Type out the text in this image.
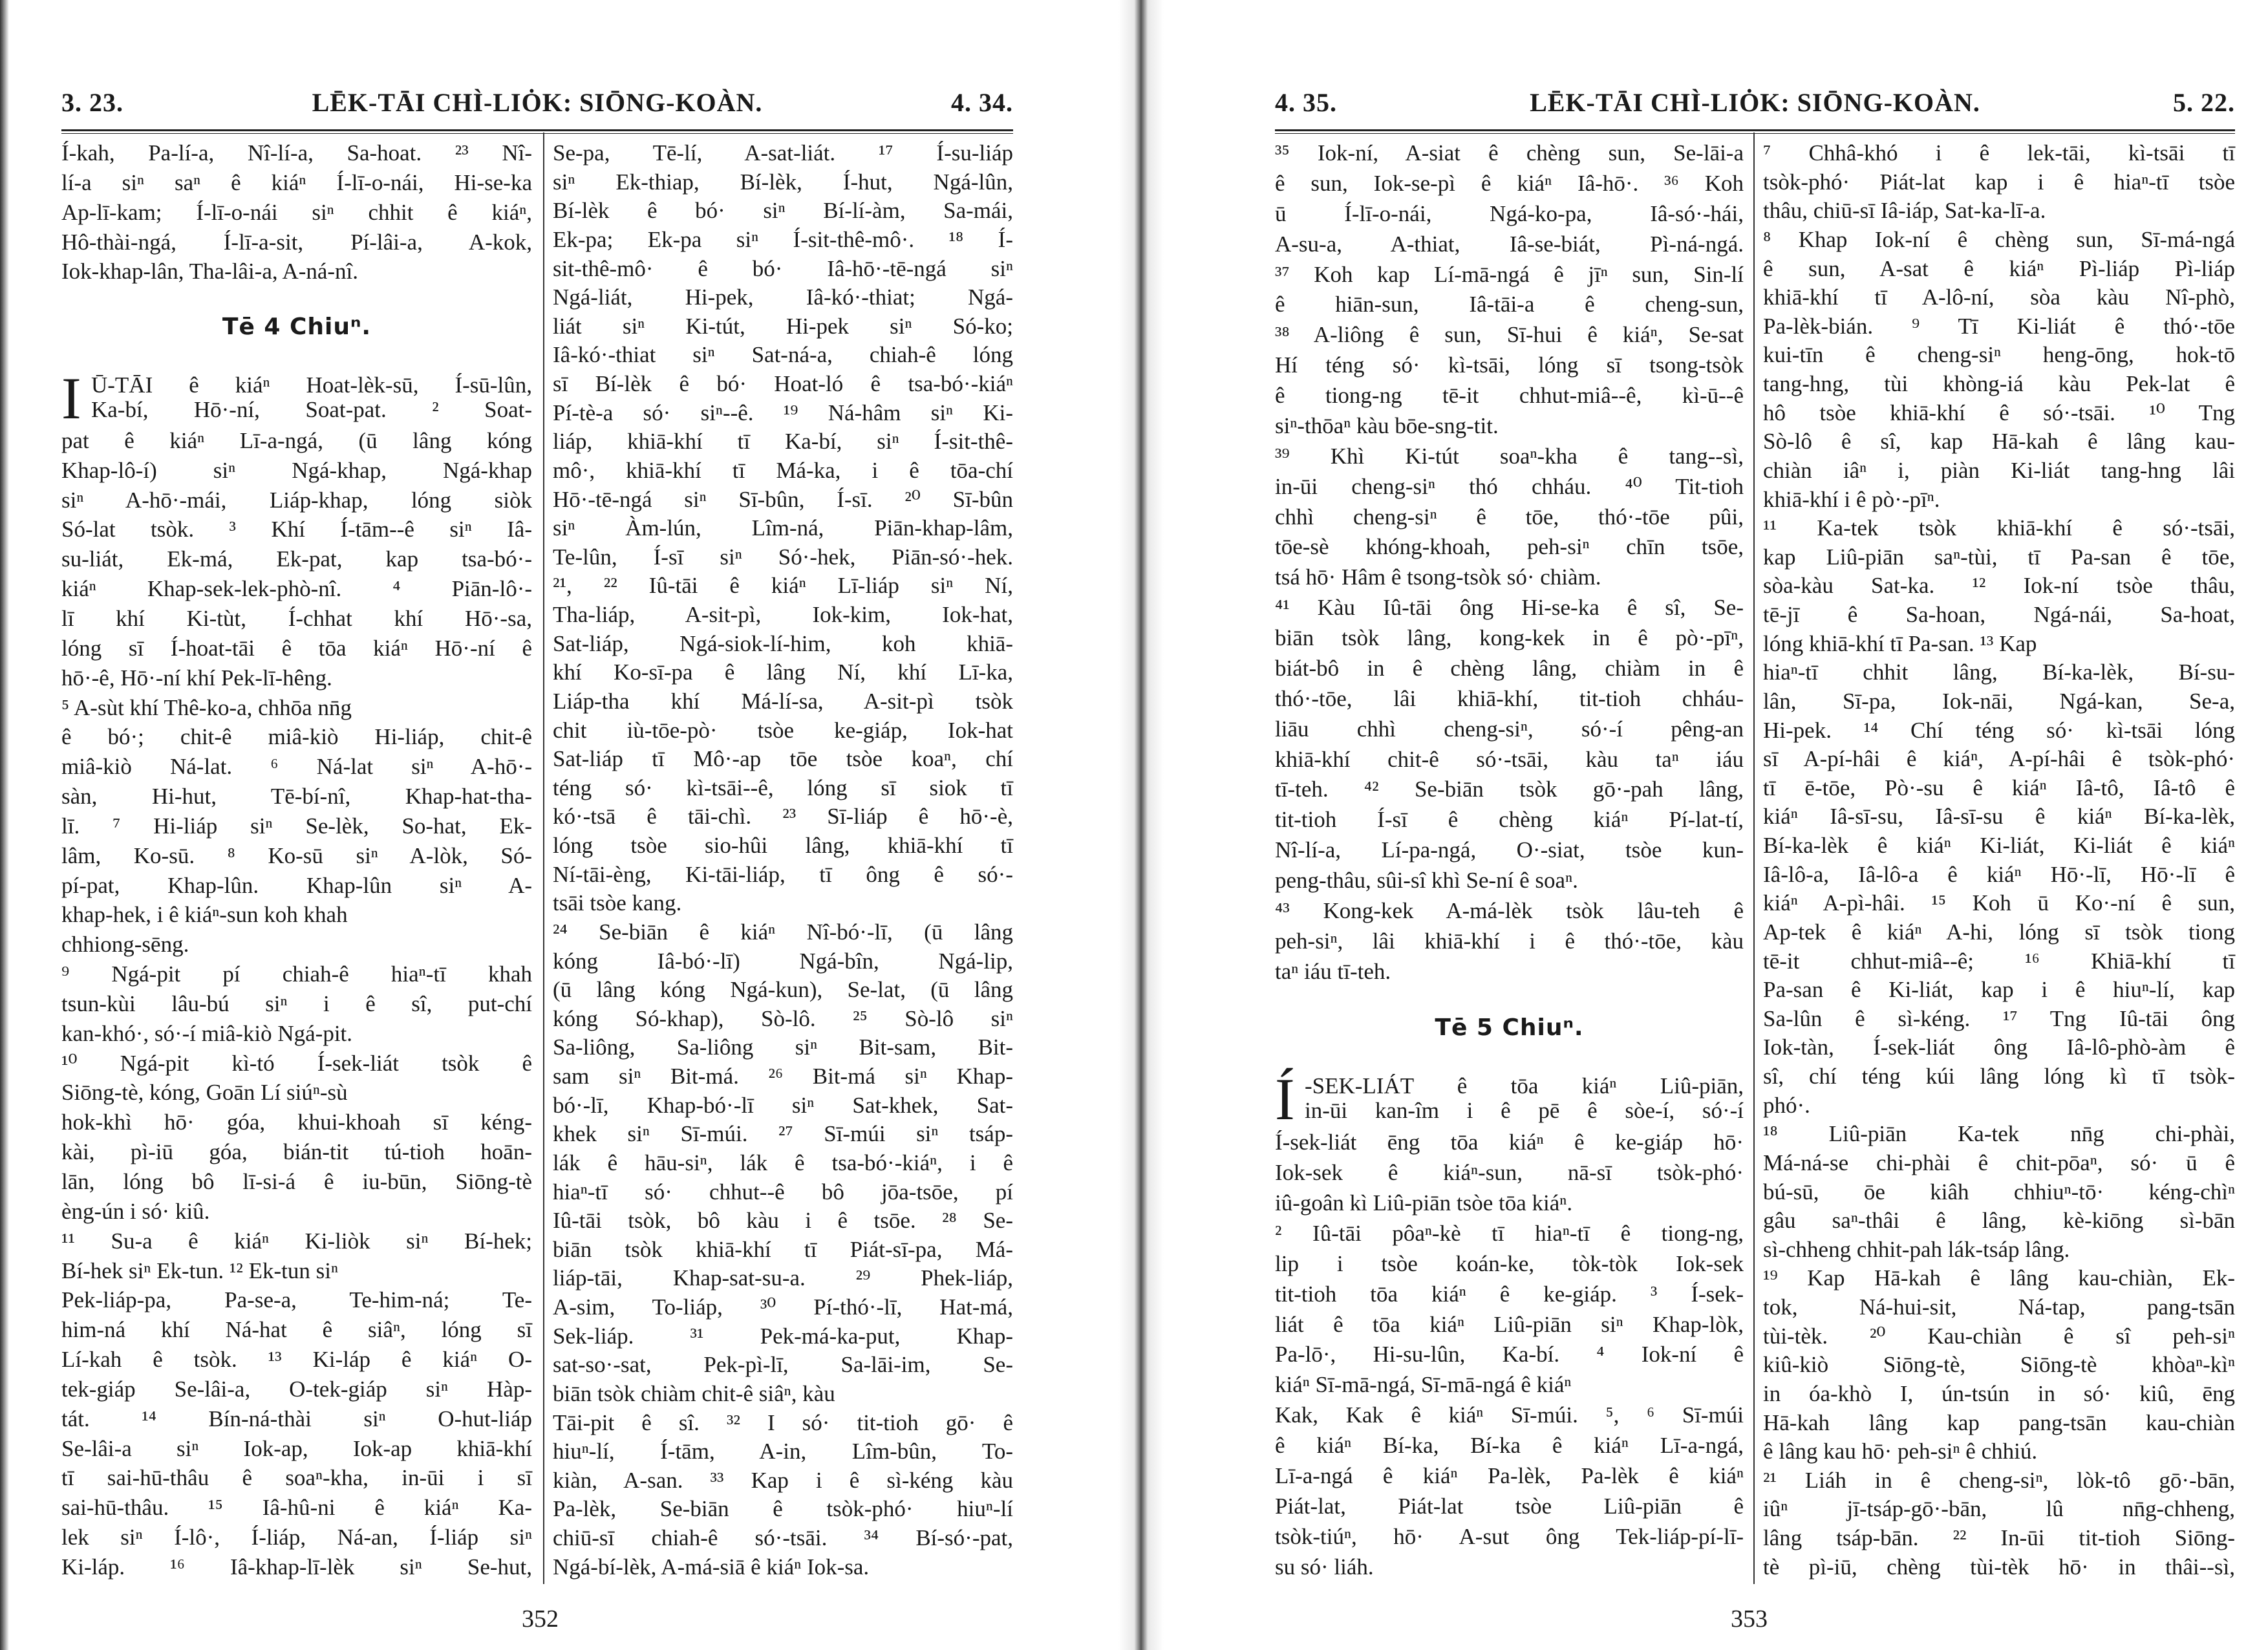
3. 23.	LĒK-TĀI CHÌ-LIȮK: SIŌNG-KOÀN.	4. 34.
Í-kah, Pa-lí-a, Nî-lí-a, Sa-hoat. ²³ Nî-
lí-a siⁿ saⁿ ê kiáⁿ Í-lī-o-nái, Hi-se-ka
Ap-lī-kam; Í-lī-o-nái siⁿ chhit ê kiáⁿ,
Hô-thài-ngá, Í-lī-a-sit, Pí-lâi-a, A-kok,
Iok-khap-lân, Tha-lâi-a, A-ná-nî.
Tē 4 Chiuⁿ.
I Ū-TĀI ê kiáⁿ Hoat-lèk-sū, Í-sū-lûn,
Ka-bí, Hō·-ní, Soat-pat. ² Soat-
pat ê kiáⁿ Lī-a-ngá, (ū lâng kóng
Khap-lô-í) siⁿ Ngá-khap, Ngá-khap
siⁿ A-hō·-mái, Liáp-khap, lóng siòk
Só-lat tsòk. ³ Khí Í-tām--ê siⁿ Iâ-
su-liát, Ek-má, Ek-pat, kap tsa-bó·-
kiáⁿ Khap-sek-lek-phò-nî. ⁴ Piān-lô·-
lī khí Ki-tùt, Í-chhat khí Hō·-sa,
lóng sī Í-hoat-tāi ê tōa kiáⁿ Hō·-ní ê
hō·-ê, Hō·-ní khí Pek-lī-hêng.
⁵ A-sùt khí Thê-ko-a, chhōa nn̄g
ê bó·; chit-ê miâ-kiò Hi-liáp, chit-ê
miâ-kiò Ná-lat. ⁶ Ná-lat siⁿ A-hō·-
sàn, Hi-hut, Tē-bí-nî, Khap-hat-tha-
lī. ⁷ Hi-liáp siⁿ Se-lèk, So-hat, Ek-
lâm, Ko-sū. ⁸ Ko-sū siⁿ A-lòk, Só-
pí-pat, Khap-lûn. Khap-lûn siⁿ A-
khap-hek, i ê kiáⁿ-sun koh khah
chhiong-sēng.
⁹ Ngá-pit pí chiah-ê hiaⁿ-tī khah
tsun-kùi lâu-bú siⁿ i ê sî, put-chí
kan-khó·, só·-í miâ-kiò Ngá-pit.
¹⁰ Ngá-pit kì-tó Í-sek-liát tsòk ê
Siōng-tè, kóng, Goān Lí siúⁿ-sù
hok-khì hō· góa, khui-khoah sī kéng-
kài, pì-iū góa, bián-tit tú-tioh hoān-
lān, lóng bô lī-si-á ê iu-būn, Siōng-tè
èng-ún i só· kiû.
¹¹ Su-a ê kiáⁿ Ki-liòk siⁿ Bí-hek;
Bí-hek siⁿ Ek-tun. ¹² Ek-tun siⁿ
Pek-liáp-pa, Pa-se-a, Te-him-ná; Te-
him-ná khí Ná-hat ê siâⁿ, lóng sī
Lí-kah ê tsòk. ¹³ Ki-láp ê kiáⁿ O-
tek-giáp Se-lâi-a, O-tek-giáp siⁿ Hàp-
tát. ¹⁴ Bín-ná-thài siⁿ O-hut-liáp
Se-lâi-a siⁿ Iok-ap, Iok-ap khiā-khí
tī sai-hū-thâu ê soaⁿ-kha, in-ūi i sī
sai-hū-thâu. ¹⁵ Iâ-hû-ni ê kiáⁿ Ka-
lek siⁿ Í-lô·, Í-liáp, Ná-an, Í-liáp siⁿ
Ki-láp. ¹⁶ Iâ-khap-lī-lèk siⁿ Se-hut,
Se-pa, Tē-lí, A-sat-liát. ¹⁷ Í-su-liáp
siⁿ Ek-thiap, Bí-lèk, Í-hut, Ngá-lûn,
Bí-lèk ê bó· siⁿ Bí-lí-àm, Sa-mái,
Ek-pa; Ek-pa siⁿ Í-sit-thê-mô·. ¹⁸ Í-
sit-thê-mô· ê bó· Iâ-hō·-tē-ngá siⁿ
Ngá-liát, Hi-pek, Iâ-kó·-thiat; Ngá-
liát siⁿ Ki-tút, Hi-pek siⁿ Só-ko;
Iâ-kó·-thiat siⁿ Sat-ná-a, chiah-ê lóng
sī Bí-lèk ê bó· Hoat-ló ê tsa-bó·-kiáⁿ
Pí-tè-a só· siⁿ--ê. ¹⁹ Ná-hâm siⁿ Ki-
liáp, khiā-khí tī Ka-bí, siⁿ Í-sit-thê-
mô·, khiā-khí tī Má-ka, i ê tōa-chí
Hō·-tē-ngá siⁿ Sī-bûn, Í-sī. ²⁰ Sī-bûn
siⁿ Àm-lún, Lîm-ná, Piān-khap-lâm,
Te-lûn, Í-sī siⁿ Só·-hek, Piān-só·-hek.
²¹, ²² Iû-tāi ê kiáⁿ Lī-liáp siⁿ Ní,
Tha-liáp, A-sit-pì, Iok-kim, Iok-hat,
Sat-liáp, Ngá-siok-lí-him, koh khiā-
khí Ko-sī-pa ê lâng Ní, khí Lī-ka,
Liáp-tha khí Má-lí-sa, A-sit-pì tsòk
chit iù-tōe-pò· tsòe ke-giáp, Iok-hat
Sat-liáp tī Mô·-ap tōe tsòe koaⁿ, chí
téng só· kì-tsāi--ê, lóng sī siok tī
kó·-tsā ê tāi-chì. ²³ Sī-liáp ê hō·-è,
lóng tsòe sio-hûi lâng, khiā-khí tī
Ní-tāi-èng, Ki-tāi-liáp, tī ông ê só·-
tsāi tsòe kang.
²⁴ Se-biān ê kiáⁿ Nî-bó·-lī, (ū lâng
kóng Iâ-bó·-lī) Ngá-bîn, Ngá-lip,
(ū lâng kóng Ngá-kun), Se-lat, (ū lâng
kóng Só-khap), Sò-lô. ²⁵ Sò-lô siⁿ
Sa-liông, Sa-liông siⁿ Bit-sam, Bit-
sam siⁿ Bit-má. ²⁶ Bit-má siⁿ Khap-
bó·-lī, Khap-bó·-lī siⁿ Sat-khek, Sat-
khek siⁿ Sī-múi. ²⁷ Sī-múi siⁿ tsáp-
lák ê hāu-siⁿ, lák ê tsa-bó·-kiáⁿ, i ê
hiaⁿ-tī só· chhut--ê bô jōa-tsōe, pí
Iû-tāi tsòk, bô kàu i ê tsōe. ²⁸ Se-
biān tsòk khiā-khí tī Piát-sī-pa, Má-
liáp-tāi, Khap-sat-su-a. ²⁹ Phek-liáp,
A-sim, To-liáp, ³⁰ Pí-thó·-lī, Hat-má,
Sek-liáp. ³¹ Pek-má-ka-put, Khap-
sat-so·-sat, Pek-pì-lī, Sa-lāi-im, Se-
biān tsòk chiàm chit-ê siâⁿ, kàu
Tāi-pit ê sî. ³² I só· tit-tioh gō· ê
hiuⁿ-lí, Í-tām, A-in, Lîm-bûn, To-
kiàn, A-san. ³³ Kap i ê sì-kéng kàu
Pa-lèk, Se-biān ê tsòk-phó· hiuⁿ-lí
chiū-sī chiah-ê só·-tsāi. ³⁴ Bí-só·-pat,
Ngá-bí-lèk, A-má-siā ê kiáⁿ Iok-sa.
352
4. 35.	LĒK-TĀI CHÌ-LIȮK: SIŌNG-KOÀN.	5. 22.
³⁵ Iok-ní, A-siat ê chèng sun, Se-lāi-a
ê sun, Iok-se-pì ê kiáⁿ Iâ-hō·. ³⁶ Koh
ū Í-lī-o-nái, Ngá-ko-pa, Iâ-só·-hái,
A-su-a, A-thiat, Iâ-se-biát, Pì-ná-ngá.
³⁷ Koh kap Lí-mā-ngá ê jīⁿ sun, Sin-lí
ê hiān-sun, Iâ-tāi-a ê cheng-sun,
³⁸ A-liông ê sun, Sī-hui ê kiáⁿ, Se-sat
Hí téng só· kì-tsāi, lóng sī tsong-tsòk
ê tiong-ng tē-it chhut-miâ--ê, kì-ū--ê
siⁿ-thōaⁿ kàu bōe-sng-tit.
³⁹ Khì Ki-tút soaⁿ-kha ê tang--sì,
in-ūi cheng-siⁿ thó chháu. ⁴⁰ Tit-tioh
chhì cheng-siⁿ ê tōe, thó·-tōe pûi,
tōe-sè khóng-khoah, peh-siⁿ chīn tsōe,
tsá hō· Hâm ê tsong-tsòk só· chiàm.
⁴¹ Kàu Iû-tāi ông Hi-se-ka ê sî, Se-
biān tsòk lâng, kong-kek in ê pò·-pīⁿ,
biát-bô in ê chèng lâng, chiàm in ê
thó·-tōe, lâi khiā-khí, tit-tioh chháu-
liāu chhì cheng-siⁿ, só·-í pêng-an
khiā-khí chit-ê só·-tsāi, kàu taⁿ iáu
tī-teh. ⁴² Se-biān tsòk gō·-pah lâng,
tit-tioh Í-sī ê chèng kiáⁿ Pí-lat-tí,
Nî-lí-a, Lí-pa-ngá, O·-siat, tsòe kun-
peng-thâu, sûi-sî khì Se-ní ê soaⁿ.
⁴³ Kong-kek A-má-lèk tsòk lâu-teh ê
peh-siⁿ, lâi khiā-khí i ê thó·-tōe, kàu
taⁿ iáu tī-teh.
Tē 5 Chiuⁿ.
Í -SEK-LIÁT ê tōa kiáⁿ Liû-piān,
in-ūi kan-îm i ê pē ê sòe-í, só·-í
Í-sek-liát ēng tōa kiáⁿ ê ke-giáp hō·
Iok-sek ê kiáⁿ-sun, nā-sī tsòk-phó·
iû-goân kì Liû-piān tsòe tōa kiáⁿ.
² Iû-tāi pôaⁿ-kè tī hiaⁿ-tī ê tiong-ng,
lip i tsòe koán-ke, tòk-tòk Iok-sek
tit-tioh tōa kiáⁿ ê ke-giáp. ³ Í-sek-
liát ê tōa kiáⁿ Liû-piān siⁿ Khap-lòk,
Pa-lō·, Hi-su-lûn, Ka-bí. ⁴ Iok-ní ê
kiáⁿ Sī-mā-ngá, Sī-mā-ngá ê kiáⁿ
Kak, Kak ê kiáⁿ Sī-múi. ⁵, ⁶ Sī-múi
ê kiáⁿ Bí-ka, Bí-ka ê kiáⁿ Lī-a-ngá,
Lī-a-ngá ê kiáⁿ Pa-lèk, Pa-lèk ê kiáⁿ
Piát-lat, Piát-lat tsòe Liû-piān ê
tsòk-tiúⁿ, hō· A-sut ông Tek-liáp-pí-lī-
su só· liáh.
⁷ Chhâ-khó i ê lek-tāi, kì-tsāi tī
tsòk-phó· Piát-lat kap i ê hiaⁿ-tī tsòe
thâu, chiū-sī Iâ-iáp, Sat-ka-lī-a.
⁸ Khap Iok-ní ê chèng sun, Sī-má-ngá
ê sun, A-sat ê kiáⁿ Pì-liáp Pì-liáp
khiā-khí tī A-lô-ní, sòa kàu Nî-phò,
Pa-lèk-bián. ⁹ Tī Ki-liát ê thó·-tōe
kui-tīn ê cheng-siⁿ heng-ōng, hok-tō
tang-hng, tùi khòng-iá kàu Pek-lat ê
hô tsòe khiā-khí ê só·-tsāi. ¹⁰ Tng
Sò-lô ê sî, kap Hā-kah ê lâng kau-
chiàn iâⁿ i, piàn Ki-liát tang-hng lâi
khiā-khí i ê pò·-pīⁿ.
¹¹ Ka-tek tsòk khiā-khí ê só·-tsāi,
kap Liû-piān saⁿ-tùi, tī Pa-san ê tōe,
sòa-kàu Sat-ka. ¹² Iok-ní tsòe thâu,
tē-jī ê Sa-hoan, Ngá-nái, Sa-hoat,
lóng khiā-khí tī Pa-san. ¹³ Kap
hiaⁿ-tī chhit lâng, Bí-ka-lèk, Bí-su-
lân, Sī-pa, Iok-nāi, Ngá-kan, Se-a,
Hi-pek. ¹⁴ Chí téng só· kì-tsāi lóng
sī A-pí-hâi ê kiáⁿ, A-pí-hâi ê tsòk-phó·
tī ē-tōe, Pò·-su ê kiáⁿ Iâ-tô, Iâ-tô ê
kiáⁿ Iâ-sī-su, Iâ-sī-su ê kiáⁿ Bí-ka-lèk,
Bí-ka-lèk ê kiáⁿ Ki-liát, Ki-liát ê kiáⁿ
Iâ-lô-a, Iâ-lô-a ê kiáⁿ Hō·-lī, Hō·-lī ê
kiáⁿ A-pì-hâi. ¹⁵ Koh ū Ko·-ní ê sun,
Ap-tek ê kiáⁿ A-hi, lóng sī tsòk tiong
tē-it chhut-miâ--ê; ¹⁶ Khiā-khí tī
Pa-san ê Ki-liát, kap i ê hiuⁿ-lí, kap
Sa-lûn ê sì-kéng. ¹⁷ Tng Iû-tāi ông
Iok-tàn, Í-sek-liát ông Iâ-lô-phò-àm ê
sî, chí téng kúi lâng lóng kì tī tsòk-
phó·.
¹⁸ Liû-piān Ka-tek nn̄g chi-phài,
Má-ná-se chi-phài ê chit-pōaⁿ, só· ū ê
bú-sū, ōe kiâh chhiuⁿ-tō· kéng-chìⁿ
gâu saⁿ-thâi ê lâng, kè-kiōng sì-bān
sì-chheng chhit-pah lák-tsáp lâng.
¹⁹ Kap Hā-kah ê lâng kau-chiàn, Ek-
tok, Ná-hui-sit, Ná-tap, pang-tsān
tùi-tèk. ²⁰ Kau-chiàn ê sî peh-siⁿ
kiû-kiò Siōng-tè, Siōng-tè khòaⁿ-kìⁿ
in óa-khò I, ún-tsún in só· kiû, ēng
Hā-kah lâng kap pang-tsān kau-chiàn
ê lâng kau hō· peh-siⁿ ê chhiú.
²¹ Liáh in ê cheng-siⁿ, lòk-tô gō·-bān,
iûⁿ jī-tsáp-gō·-bān, lû nn̄g-chheng,
lâng tsáp-bān. ²² In-ūi tit-tioh Siōng-
tè pì-iū, chèng tùi-tèk hō· in thâi--sì,
353
